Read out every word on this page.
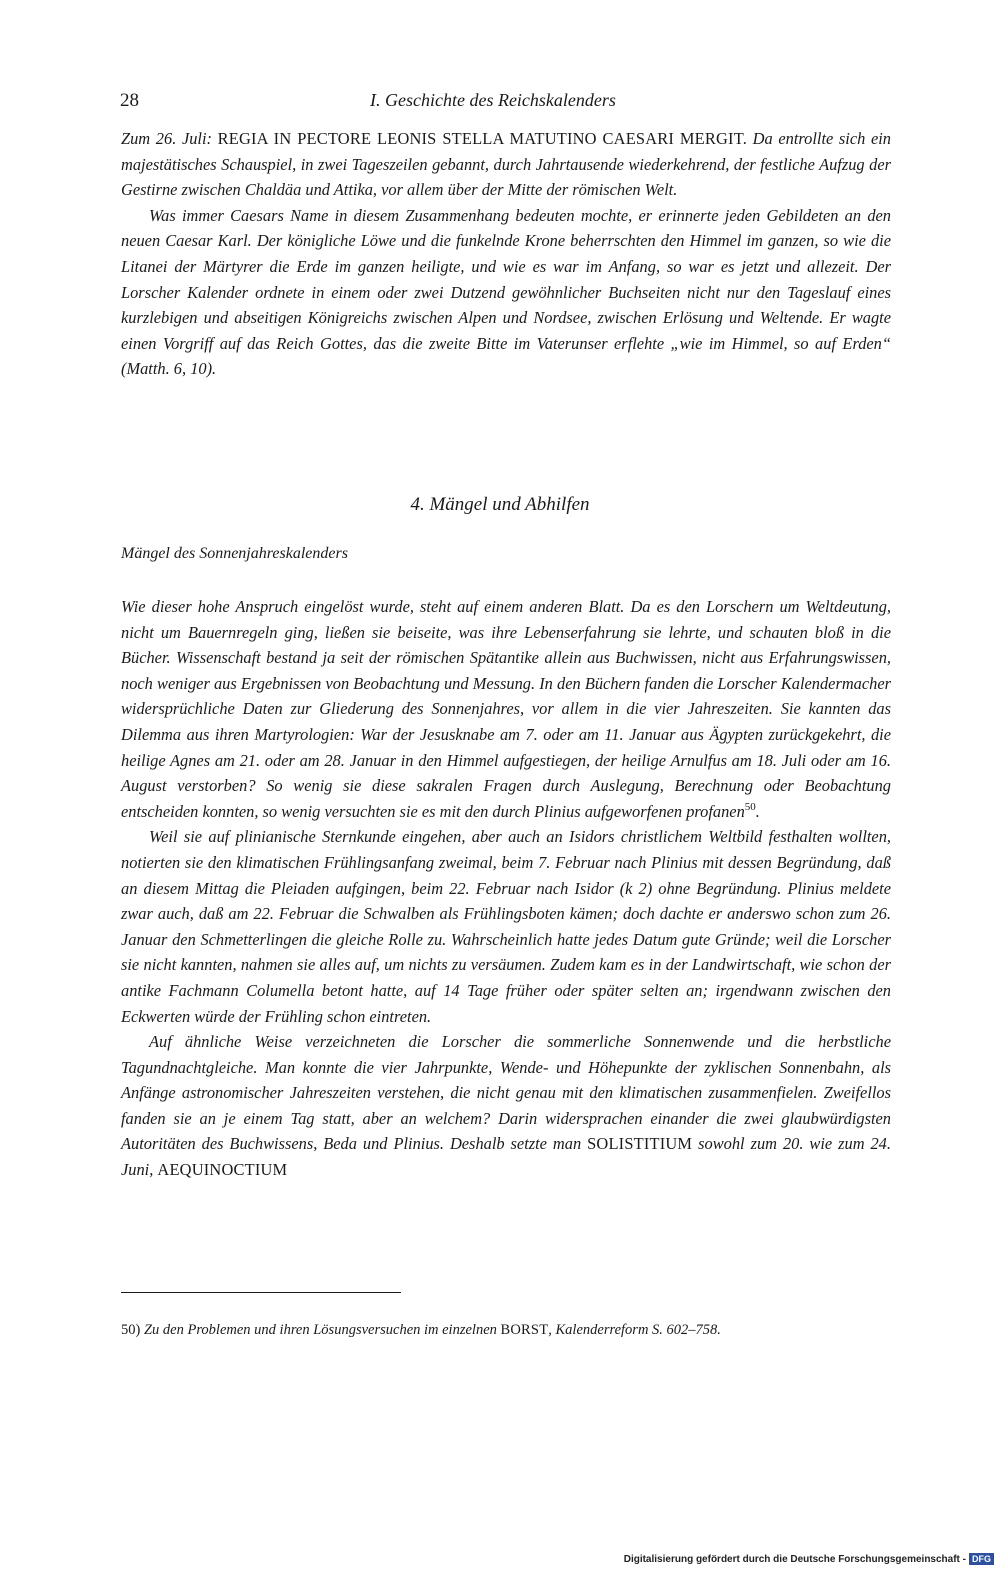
28	I. Geschichte des Reichskalenders

Zum 26. Juli: REGIA IN PECTORE LEONIS STELLA MATUTINO CAESARI MERGIT. Da entrollte sich ein majestätisches Schauspiel, in zwei Tageszeilen gebannt, durch Jahrtausende wiederkehrend, der festliche Aufzug der Gestirne zwischen Chaldäa und Attika, vor allem über der Mitte der römischen Welt.

Was immer Caesars Name in diesem Zusammenhang bedeuten mochte, er erinnerte jeden Gebildeten an den neuen Caesar Karl. Der königliche Löwe und die funkelnde Krone beherrschten den Himmel im ganzen, so wie die Litanei der Märtyrer die Erde im ganzen heiligte, und wie es war im Anfang, so war es jetzt und allezeit. Der Lorscher Kalender ordnete in einem oder zwei Dutzend gewöhnlicher Buchseiten nicht nur den Tageslauf eines kurzlebigen und abseitigen Königreichs zwischen Alpen und Nordsee, zwischen Erlösung und Weltende. Er wagte einen Vorgriff auf das Reich Gottes, das die zweite Bitte im Vaterunser erflehte „wie im Himmel, so auf Erden“ (Matth. 6, 10).

4. Mängel und Abhilfen
Mängel des Sonnenjahreskalenders

Wie dieser hohe Anspruch eingelöst wurde, steht auf einem anderen Blatt. Da es den Lorschern um Weltdeutung, nicht um Bauernregeln ging, ließen sie beiseite, was ihre Lebenserfahrung sie lehrte, und schauten bloß in die Bücher. Wissenschaft bestand ja seit der römischen Spätantike allein aus Buchwissen, nicht aus Erfahrungswissen, noch weniger aus Ergebnissen von Beobachtung und Messung. In den Büchern fanden die Lorscher Kalendermacher widersprüchliche Daten zur Gliederung des Sonnenjahres, vor allem in die vier Jahreszeiten. Sie kannten das Dilemma aus ihren Martyrologien: War der Jesusknabe am 7. oder am 11. Januar aus Ägypten zurückgekehrt, die heilige Agnes am 21. oder am 28. Januar in den Himmel aufgestiegen, der heilige Arnulfus am 18. Juli oder am 16. August verstorben? So wenig sie diese sakralen Fragen durch Auslegung, Berechnung oder Beobachtung entscheiden konnten, so wenig versuchten sie es mit den durch Plinius aufgeworfenen profanen$^{50}$.

Weil sie auf plinianische Sternkunde eingehen, aber auch an Isidors christlichem Weltbild festhalten wollten, notierten sie den klimatischen Frühlingsanfang zweimal, beim 7. Februar nach Plinius mit dessen Begründung, daß an diesem Mittag die Pleiaden aufgingen, beim 22. Februar nach Isidor (k 2) ohne Begründung. Plinius meldete zwar auch, daß am 22. Februar die Schwalben als Frühlingsboten kämen; doch dachte er anderswo schon zum 26. Januar den Schmetterlingen die gleiche Rolle zu. Wahrscheinlich hatte jedes Datum gute Gründe; weil die Lorscher sie nicht kannten, nahmen sie alles auf, um nichts zu versäumen. Zudem kam es in der Landwirtschaft, wie schon der antike Fachmann Columella betont hatte, auf 14 Tage früher oder später selten an; irgendwann zwischen den Eckwerten würde der Frühling schon eintreten.

Auf ähnliche Weise verzeichneten die Lorscher die sommerliche Sonnenwende und die herbstliche Tagundnachtgleiche. Man konnte die vier Jahrpunkte, Wende- und Höhepunkte der zyklischen Sonnenbahn, als Anfänge astronomischer Jahreszeiten verstehen, die nicht genau mit den klimatischen zusammenfielen. Zweifellos fanden sie an je einem Tag statt, aber an welchem? Darin widersprachen einander die zwei glaubwürdigsten Autoritäten des Buchwissens, Beda und Plinius. Deshalb setzte man SOLISTITIUM sowohl zum 20. wie zum 24. Juni, AEQUINOCTIUM

50) Zu den Problemen und ihren Lösungsversuchen im einzelnen BORST, Kalenderreform S. 602–758.
Digitalisierung gefördert durch die Deutsche Forschungsgemeinschaft - DFG
